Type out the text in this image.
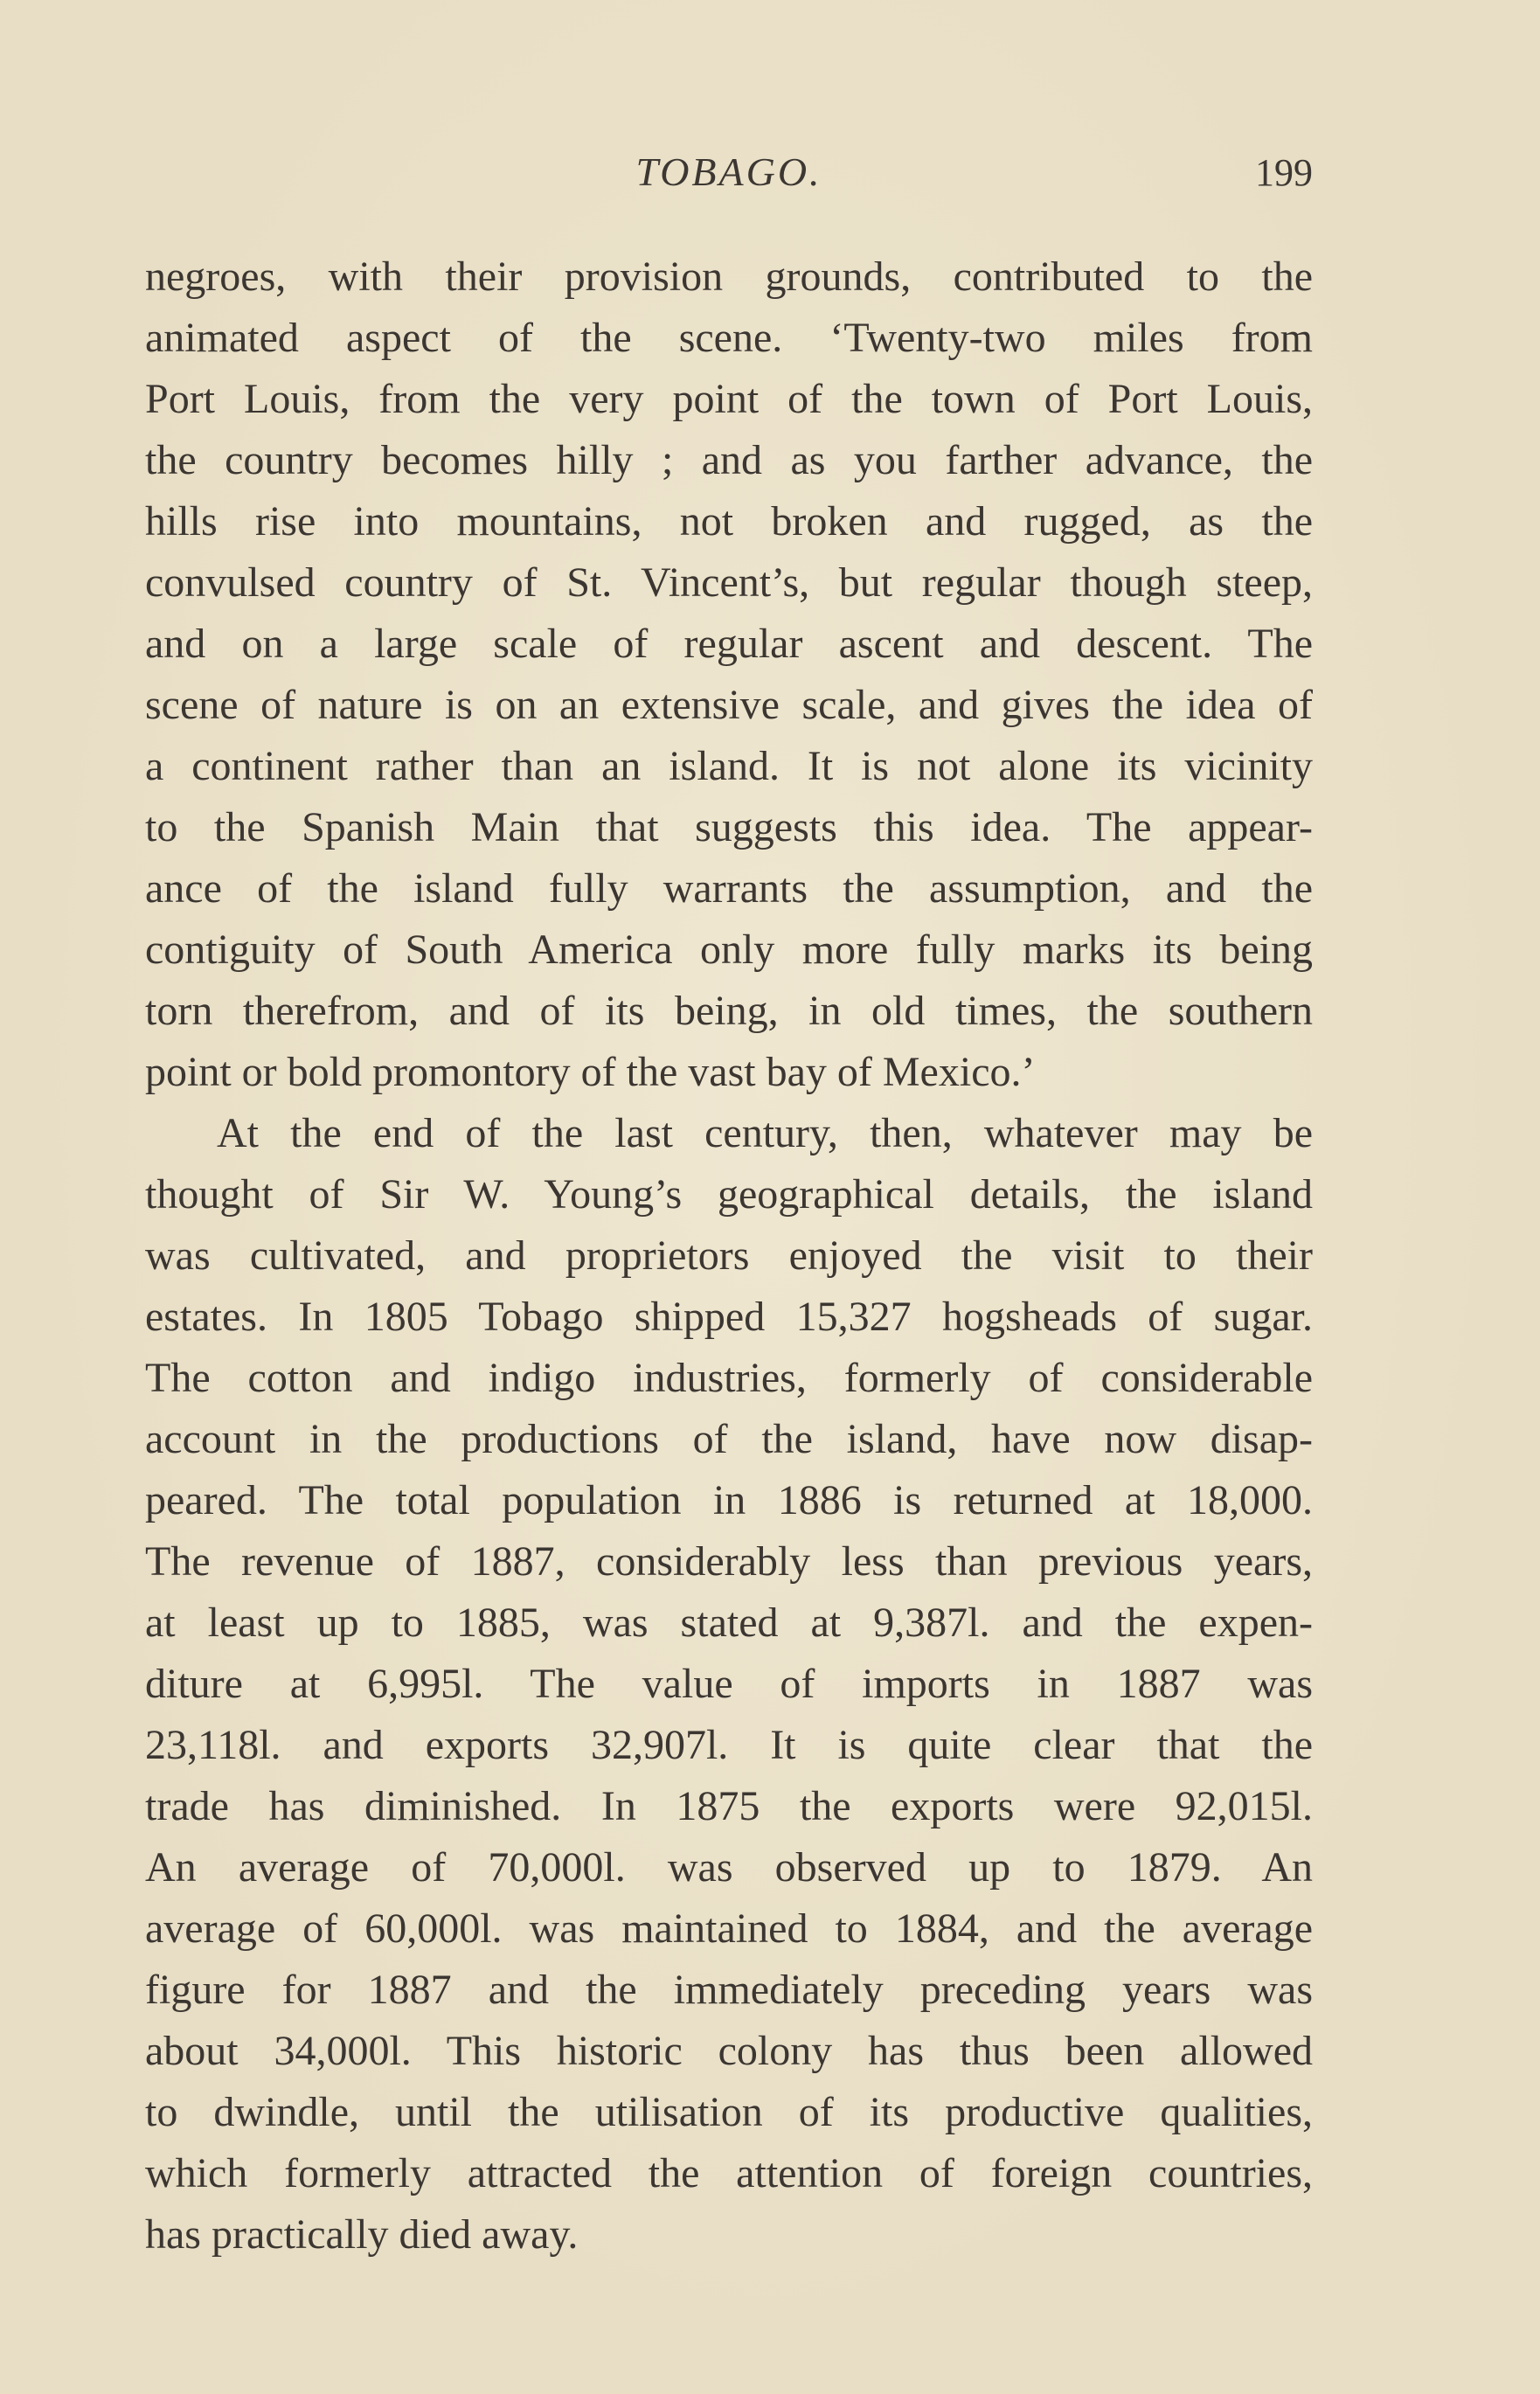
TOBAGO.	199
negroes, with their provision grounds, contributed to the
animated aspect of the scene. ‘Twenty-two miles from
Port Louis, from the very point of the town of Port Louis,
the country becomes hilly ; and as you farther advance, the
hills rise into mountains, not broken and rugged, as the
convulsed country of St. Vincent’s, but regular though steep,
and on a large scale of regular ascent and descent. The
scene of nature is on an extensive scale, and gives the idea of
a continent rather than an island. It is not alone its vicinity
to the Spanish Main that suggests this idea. The appear-
ance of the island fully warrants the assumption, and the
contiguity of South America only more fully marks its being
torn therefrom, and of its being, in old times, the southern
point or bold promontory of the vast bay of Mexico.’
At the end of the last century, then, whatever may be
thought of Sir W. Young’s geographical details, the island
was cultivated, and proprietors enjoyed the visit to their
estates. In 1805 Tobago shipped 15,327 hogsheads of sugar.
The cotton and indigo industries, formerly of considerable
account in the productions of the island, have now disap-
peared. The total population in 1886 is returned at 18,000.
The revenue of 1887, considerably less than previous years,
at least up to 1885, was stated at 9,387l. and the expen-
diture at 6,995l. The value of imports in 1887 was
23,118l. and exports 32,907l. It is quite clear that the
trade has diminished. In 1875 the exports were 92,015l.
An average of 70,000l. was observed up to 1879. An
average of 60,000l. was maintained to 1884, and the average
figure for 1887 and the immediately preceding years was
about 34,000l. This historic colony has thus been allowed
to dwindle, until the utilisation of its productive qualities,
which formerly attracted the attention of foreign countries,
has practically died away.
